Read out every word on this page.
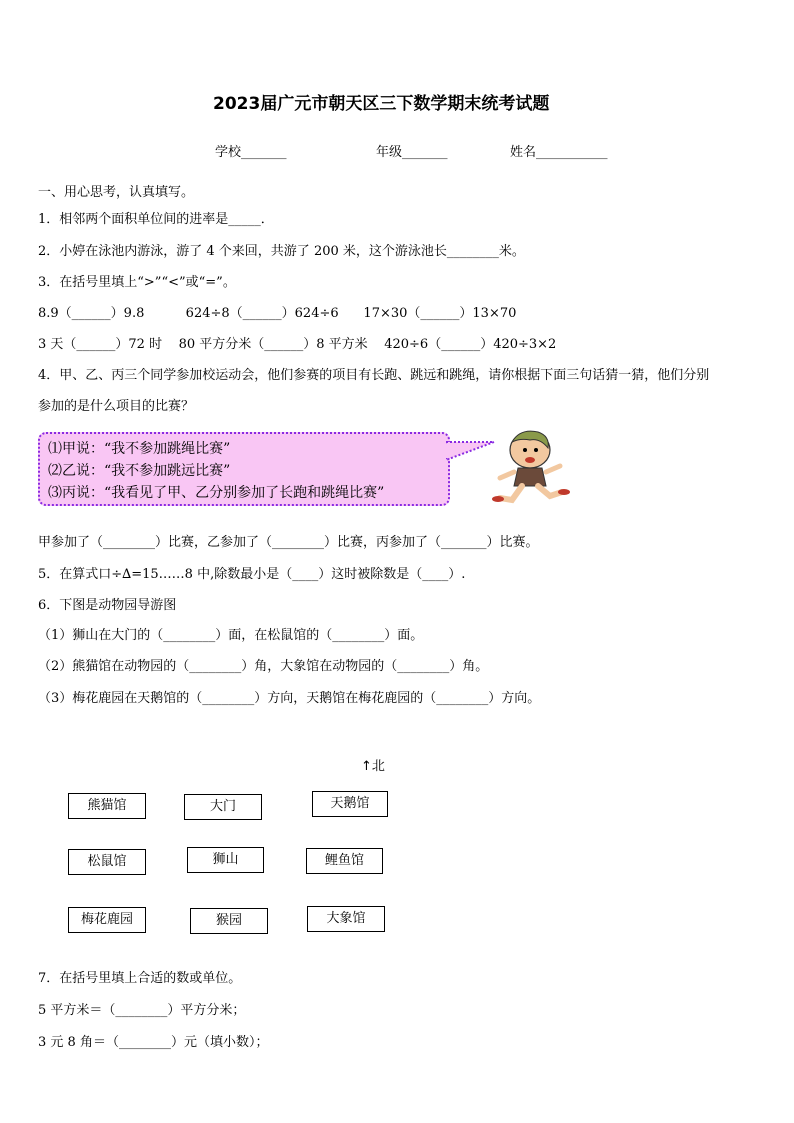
2023届广元市朝天区三下数学期末统考试题
学校_______	年级_______	姓名___________
一、用心思考，认真填写。
1．相邻两个面积单位间的进率是_____．
2．小婷在泳池内游泳，游了 4 个来回，共游了 200 米，这个游泳池长________米。
3．在括号里填上“>”“<”或“=”。
8.9（______）9.8          624÷8（______）624÷6      17×30（______）13×70
3 天（______）72 时    80 平方分米（______）8 平方米    420÷6（______）420÷3×2
4．甲、乙、丙三个同学参加校运动会，他们参赛的项目有长跑、跳远和跳绳，请你根据下面三句话猜一猜，他们分别
参加的是什么项目的比赛？
⑴甲说：“我不参加跳绳比赛”
⑵乙说：“我不参加跳远比赛”
⑶丙说：“我看见了甲、乙分别参加了长跑和跳绳比赛”
甲参加了（________）比赛，乙参加了（________）比赛，丙参加了（_______）比赛。
5．在算式口÷∆=15……8 中,除数最小是（____）这时被除数是（____）.
6．下图是动物园导游图
（1）狮山在大门的（________）面，在松鼠馆的（________）面。
（2）熊猫馆在动物园的（________）角，大象馆在动物园的（________）角。
（3）梅花鹿园在天鹅馆的（________）方向，天鹅馆在梅花鹿园的（________）方向。
↑北
熊猫馆	大门	天鹅馆
松鼠馆	狮山	鲤鱼馆
梅花鹿园	猴园	大象馆
7．在括号里填上合适的数或单位。
5 平方米＝（________）平方分米；
3 元 8 角＝（________）元（填小数）；
